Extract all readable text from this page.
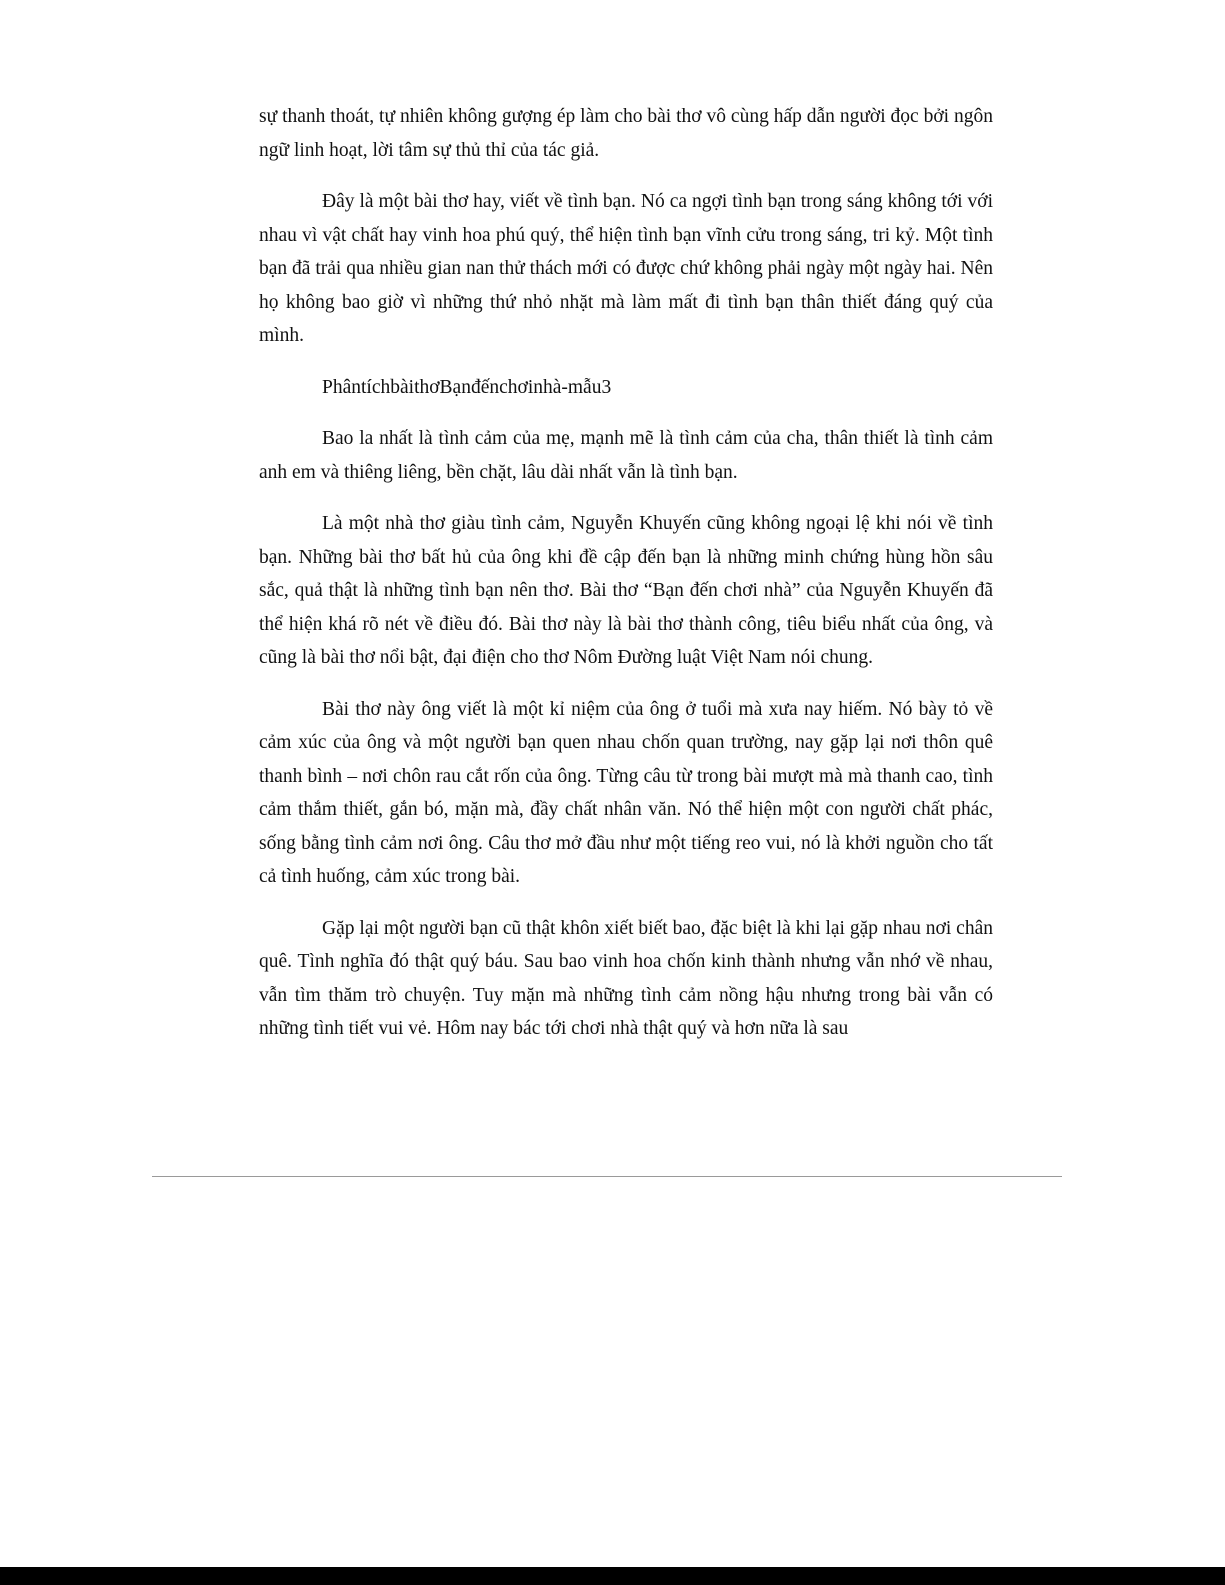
sự thanh thoát, tự nhiên không gượng ép làm cho bài thơ vô cùng hấp dẫn người đọc bởi ngôn ngữ linh hoạt, lời tâm sự thủ thỉ của tác giả.

Đây là một bài thơ hay, viết về tình bạn. Nó ca ngợi tình bạn trong sáng không tới với nhau vì vật chất hay vinh hoa phú quý, thể hiện tình bạn vĩnh cửu trong sáng, tri kỷ. Một tình bạn đã trải qua nhiều gian nan thử thách mới có được chứ không phải ngày một ngày hai. Nên họ không bao giờ vì những thứ nhỏ nhặt mà làm mất đi tình bạn thân thiết đáng quý của mình.

PhântíchbàithơBạnđếnchơinhà-mẫu3

Bao la nhất là tình cảm của mẹ, mạnh mẽ là tình cảm của cha, thân thiết là tình cảm anh em và thiêng liêng, bền chặt, lâu dài nhất vẫn là tình bạn.

Là một nhà thơ giàu tình cảm, Nguyễn Khuyến cũng không ngoại lệ khi nói về tình bạn. Những bài thơ bất hủ của ông khi đề cập đến bạn là những minh chứng hùng hồn sâu sắc, quả thật là những tình bạn nên thơ. Bài thơ “Bạn đến chơi nhà” của Nguyễn Khuyến đã thể hiện khá rõ nét về điều đó. Bài thơ này là bài thơ thành công, tiêu biểu nhất của ông, và cũng là bài thơ nổi bật, đại điện cho thơ Nôm Đường luật Việt Nam nói chung.

Bài thơ này ông viết là một kỉ niệm của ông ở tuổi mà xưa nay hiếm. Nó bày tỏ về cảm xúc của ông và một người bạn quen nhau chốn quan trường, nay gặp lại nơi thôn quê thanh bình – nơi chôn rau cắt rốn của ông. Từng câu từ trong bài mượt mà mà thanh cao, tình cảm thắm thiết, gắn bó, mặn mà, đầy chất nhân văn. Nó thể hiện một con người chất phác, sống bằng tình cảm nơi ông. Câu thơ mở đầu như một tiếng reo vui, nó là khởi nguồn cho tất cả tình huống, cảm xúc trong bài.

Gặp lại một người bạn cũ thật khôn xiết biết bao, đặc biệt là khi lại gặp nhau nơi chân quê. Tình nghĩa đó thật quý báu. Sau bao vinh hoa chốn kinh thành nhưng vẫn nhớ về nhau, vẫn tìm thăm trò chuyện. Tuy mặn mà những tình cảm nồng hậu nhưng trong bài vẫn có những tình tiết vui vẻ. Hôm nay bác tới chơi nhà thật quý và hơn nữa là sau
